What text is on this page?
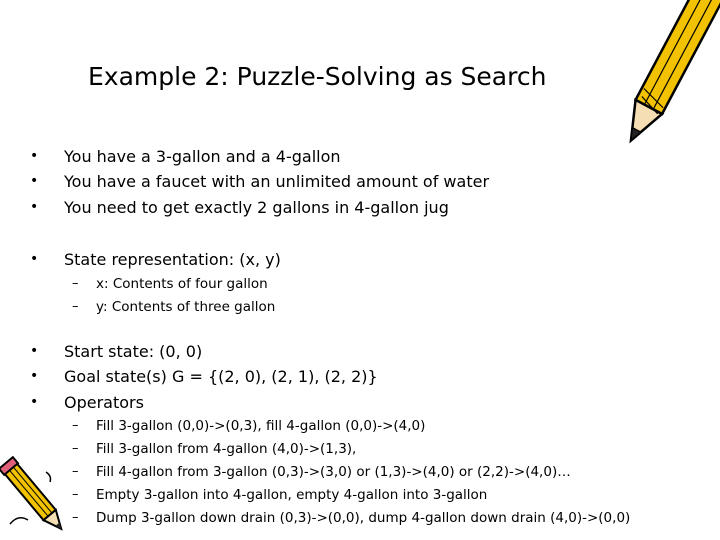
Example 2: Puzzle-Solving as Search
• You have a 3-gallon and a 4-gallon
• You have a faucet with an unlimited amount of water
• You need to get exactly 2 gallons in 4-gallon jug
• State representation: (x, y)
– x: Contents of four gallon
– y: Contents of three gallon
• Start state: (0, 0)
• Goal state(s) G = {(2, 0), (2, 1), (2, 2)}
• Operators
– Fill 3-gallon (0,0)->(0,3), fill 4-gallon (0,0)->(4,0)
– Fill 3-gallon from 4-gallon (4,0)->(1,3),
– Fill 4-gallon from 3-gallon (0,3)->(3,0) or (1,3)->(4,0) or (2,2)->(4,0)…
– Empty 3-gallon into 4-gallon, empty 4-gallon into 3-gallon
– Dump 3-gallon down drain (0,3)->(0,0), dump 4-gallon down drain (4,0)->(0,0)
